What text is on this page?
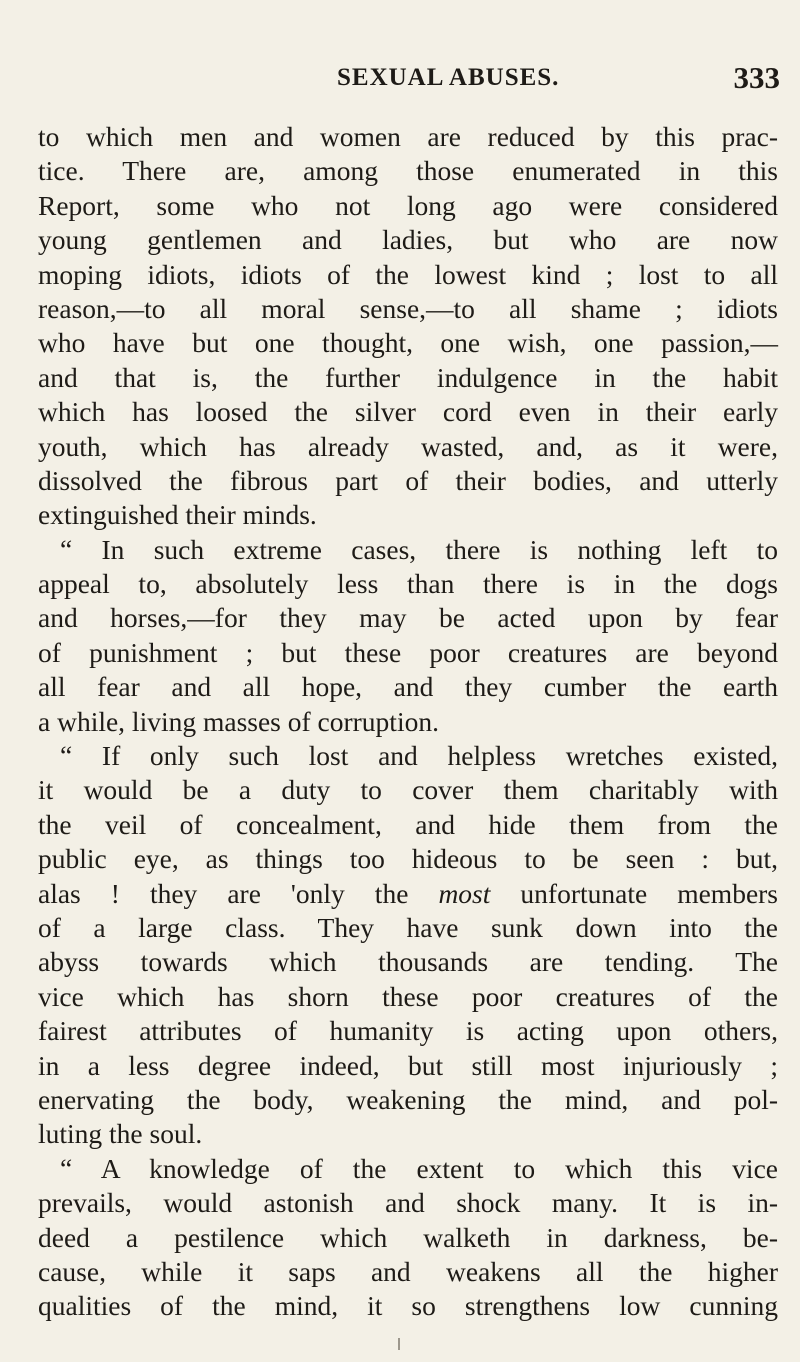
SEXUAL ABUSES.	333
to which men and women are reduced by this prac-
tice. There are, among those enumerated in this
Report, some who not long ago were considered
young gentlemen and ladies, but who are now
moping idiots, idiots of the lowest kind ; lost to all
reason,—to all moral sense,—to all shame ; idiots
who have but one thought, one wish, one passion,—
and that is, the further indulgence in the habit
which has loosed the silver cord even in their early
youth, which has already wasted, and, as it were,
dissolved the fibrous part of their bodies, and utterly
extinguished their minds.
“ In such extreme cases, there is nothing left to
appeal to, absolutely less than there is in the dogs
and horses,—for they may be acted upon by fear
of punishment ; but these poor creatures are beyond
all fear and all hope, and they cumber the earth
a while, living masses of corruption.
“ If only such lost and helpless wretches existed,
it would be a duty to cover them charitably with
the veil of concealment, and hide them from the
public eye, as things too hideous to be seen : but,
alas ! they are 'only the most unfortunate members
of a large class. They have sunk down into the
abyss towards which thousands are tending. The
vice which has shorn these poor creatures of the
fairest attributes of humanity is acting upon others,
in a less degree indeed, but still most injuriously ;
enervating the body, weakening the mind, and pol-
luting the soul.
“ A knowledge of the extent to which this vice
prevails, would astonish and shock many. It is in-
deed a pestilence which walketh in darkness, be-
cause, while it saps and weakens all the higher
qualities of the mind, it so strengthens low cunning
